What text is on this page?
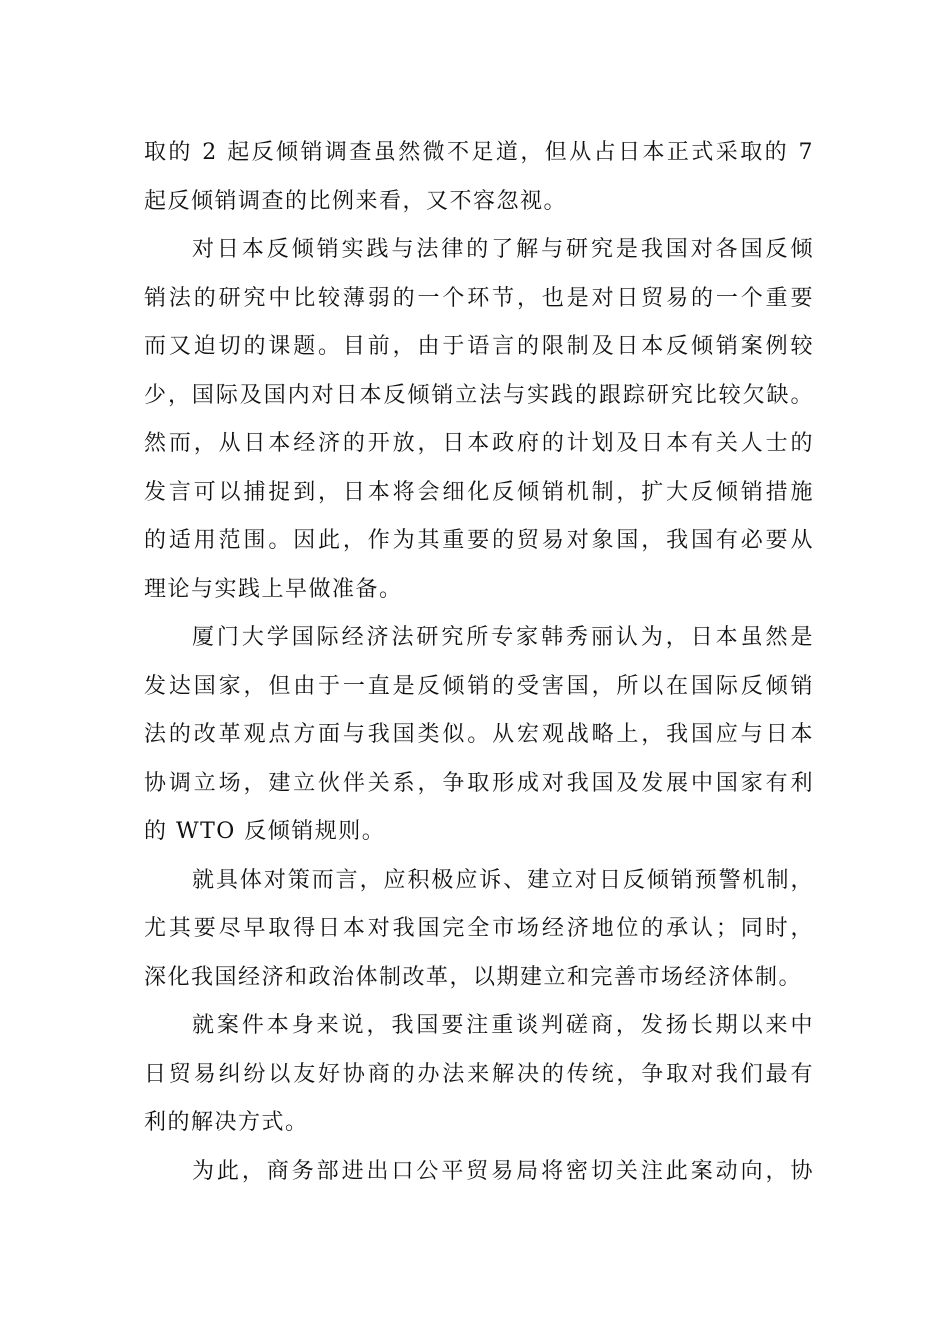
取的 2 起反倾销调查虽然微不足道，但从占日本正式采取的 7
起反倾销调查的比例来看，又不容忽视。
对日本反倾销实践与法律的了解与研究是我国对各国反倾
销法的研究中比较薄弱的一个环节，也是对日贸易的一个重要
而又迫切的课题。目前，由于语言的限制及日本反倾销案例较
少，国际及国内对日本反倾销立法与实践的跟踪研究比较欠缺。
然而，从日本经济的开放，日本政府的计划及日本有关人士的
发言可以捕捉到，日本将会细化反倾销机制，扩大反倾销措施
的适用范围。因此，作为其重要的贸易对象国，我国有必要从
理论与实践上早做准备。
厦门大学国际经济法研究所专家韩秀丽认为，日本虽然是
发达国家，但由于一直是反倾销的受害国，所以在国际反倾销
法的改革观点方面与我国类似。从宏观战略上，我国应与日本
协调立场，建立伙伴关系，争取形成对我国及发展中国家有利
的 WTO 反倾销规则。
就具体对策而言，应积极应诉、建立对日反倾销预警机制，
尤其要尽早取得日本对我国完全市场经济地位的承认；同时，
深化我国经济和政治体制改革，以期建立和完善市场经济体制。
就案件本身来说，我国要注重谈判磋商，发扬长期以来中
日贸易纠纷以友好协商的办法来解决的传统，争取对我们最有
利的解决方式。
为此，商务部进出口公平贸易局将密切关注此案动向，协
